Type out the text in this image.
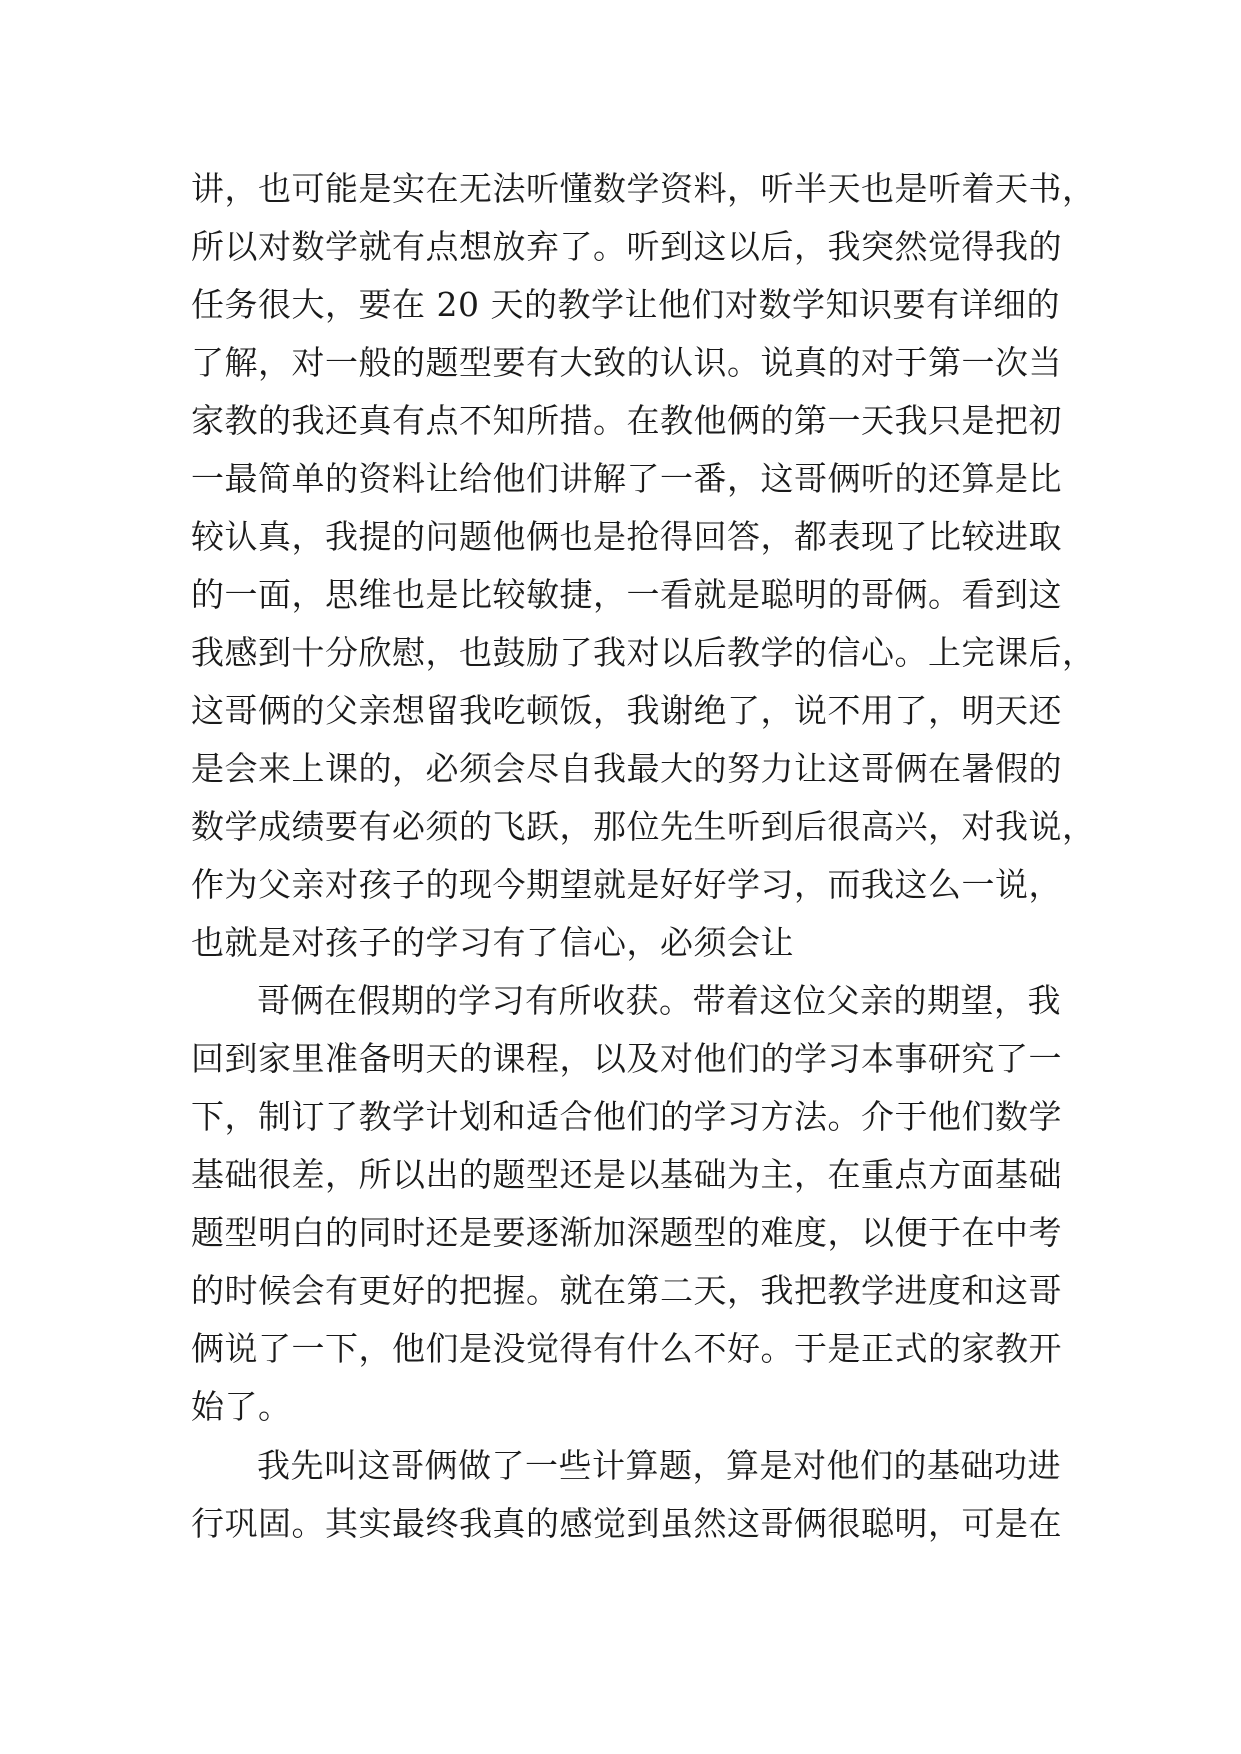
讲，也可能是实在无法听懂数学资料，听半天也是听着天书，
所以对数学就有点想放弃了。听到这以后，我突然觉得我的
任务很大，要在 20 天的教学让他们对数学知识要有详细的
了解，对一般的题型要有大致的认识。说真的对于第一次当
家教的我还真有点不知所措。在教他俩的第一天我只是把初
一最简单的资料让给他们讲解了一番，这哥俩听的还算是比
较认真，我提的问题他俩也是抢得回答，都表现了比较进取
的一面，思维也是比较敏捷，一看就是聪明的哥俩。看到这
我感到十分欣慰，也鼓励了我对以后教学的信心。上完课后，
这哥俩的父亲想留我吃顿饭，我谢绝了，说不用了，明天还
是会来上课的，必须会尽自我最大的努力让这哥俩在暑假的
数学成绩要有必须的飞跃，那位先生听到后很高兴，对我说，
作为父亲对孩子的现今期望就是好好学习，而我这么一说，
也就是对孩子的学习有了信心，必须会让
哥俩在假期的学习有所收获。带着这位父亲的期望，我
回到家里准备明天的课程，以及对他们的学习本事研究了一
下，制订了教学计划和适合他们的学习方法。介于他们数学
基础很差，所以出的题型还是以基础为主，在重点方面基础
题型明白的同时还是要逐渐加深题型的难度，以便于在中考
的时候会有更好的把握。就在第二天，我把教学进度和这哥
俩说了一下，他们是没觉得有什么不好。于是正式的家教开
始了。
我先叫这哥俩做了一些计算题，算是对他们的基础功进
行巩固。其实最终我真的感觉到虽然这哥俩很聪明，可是在
